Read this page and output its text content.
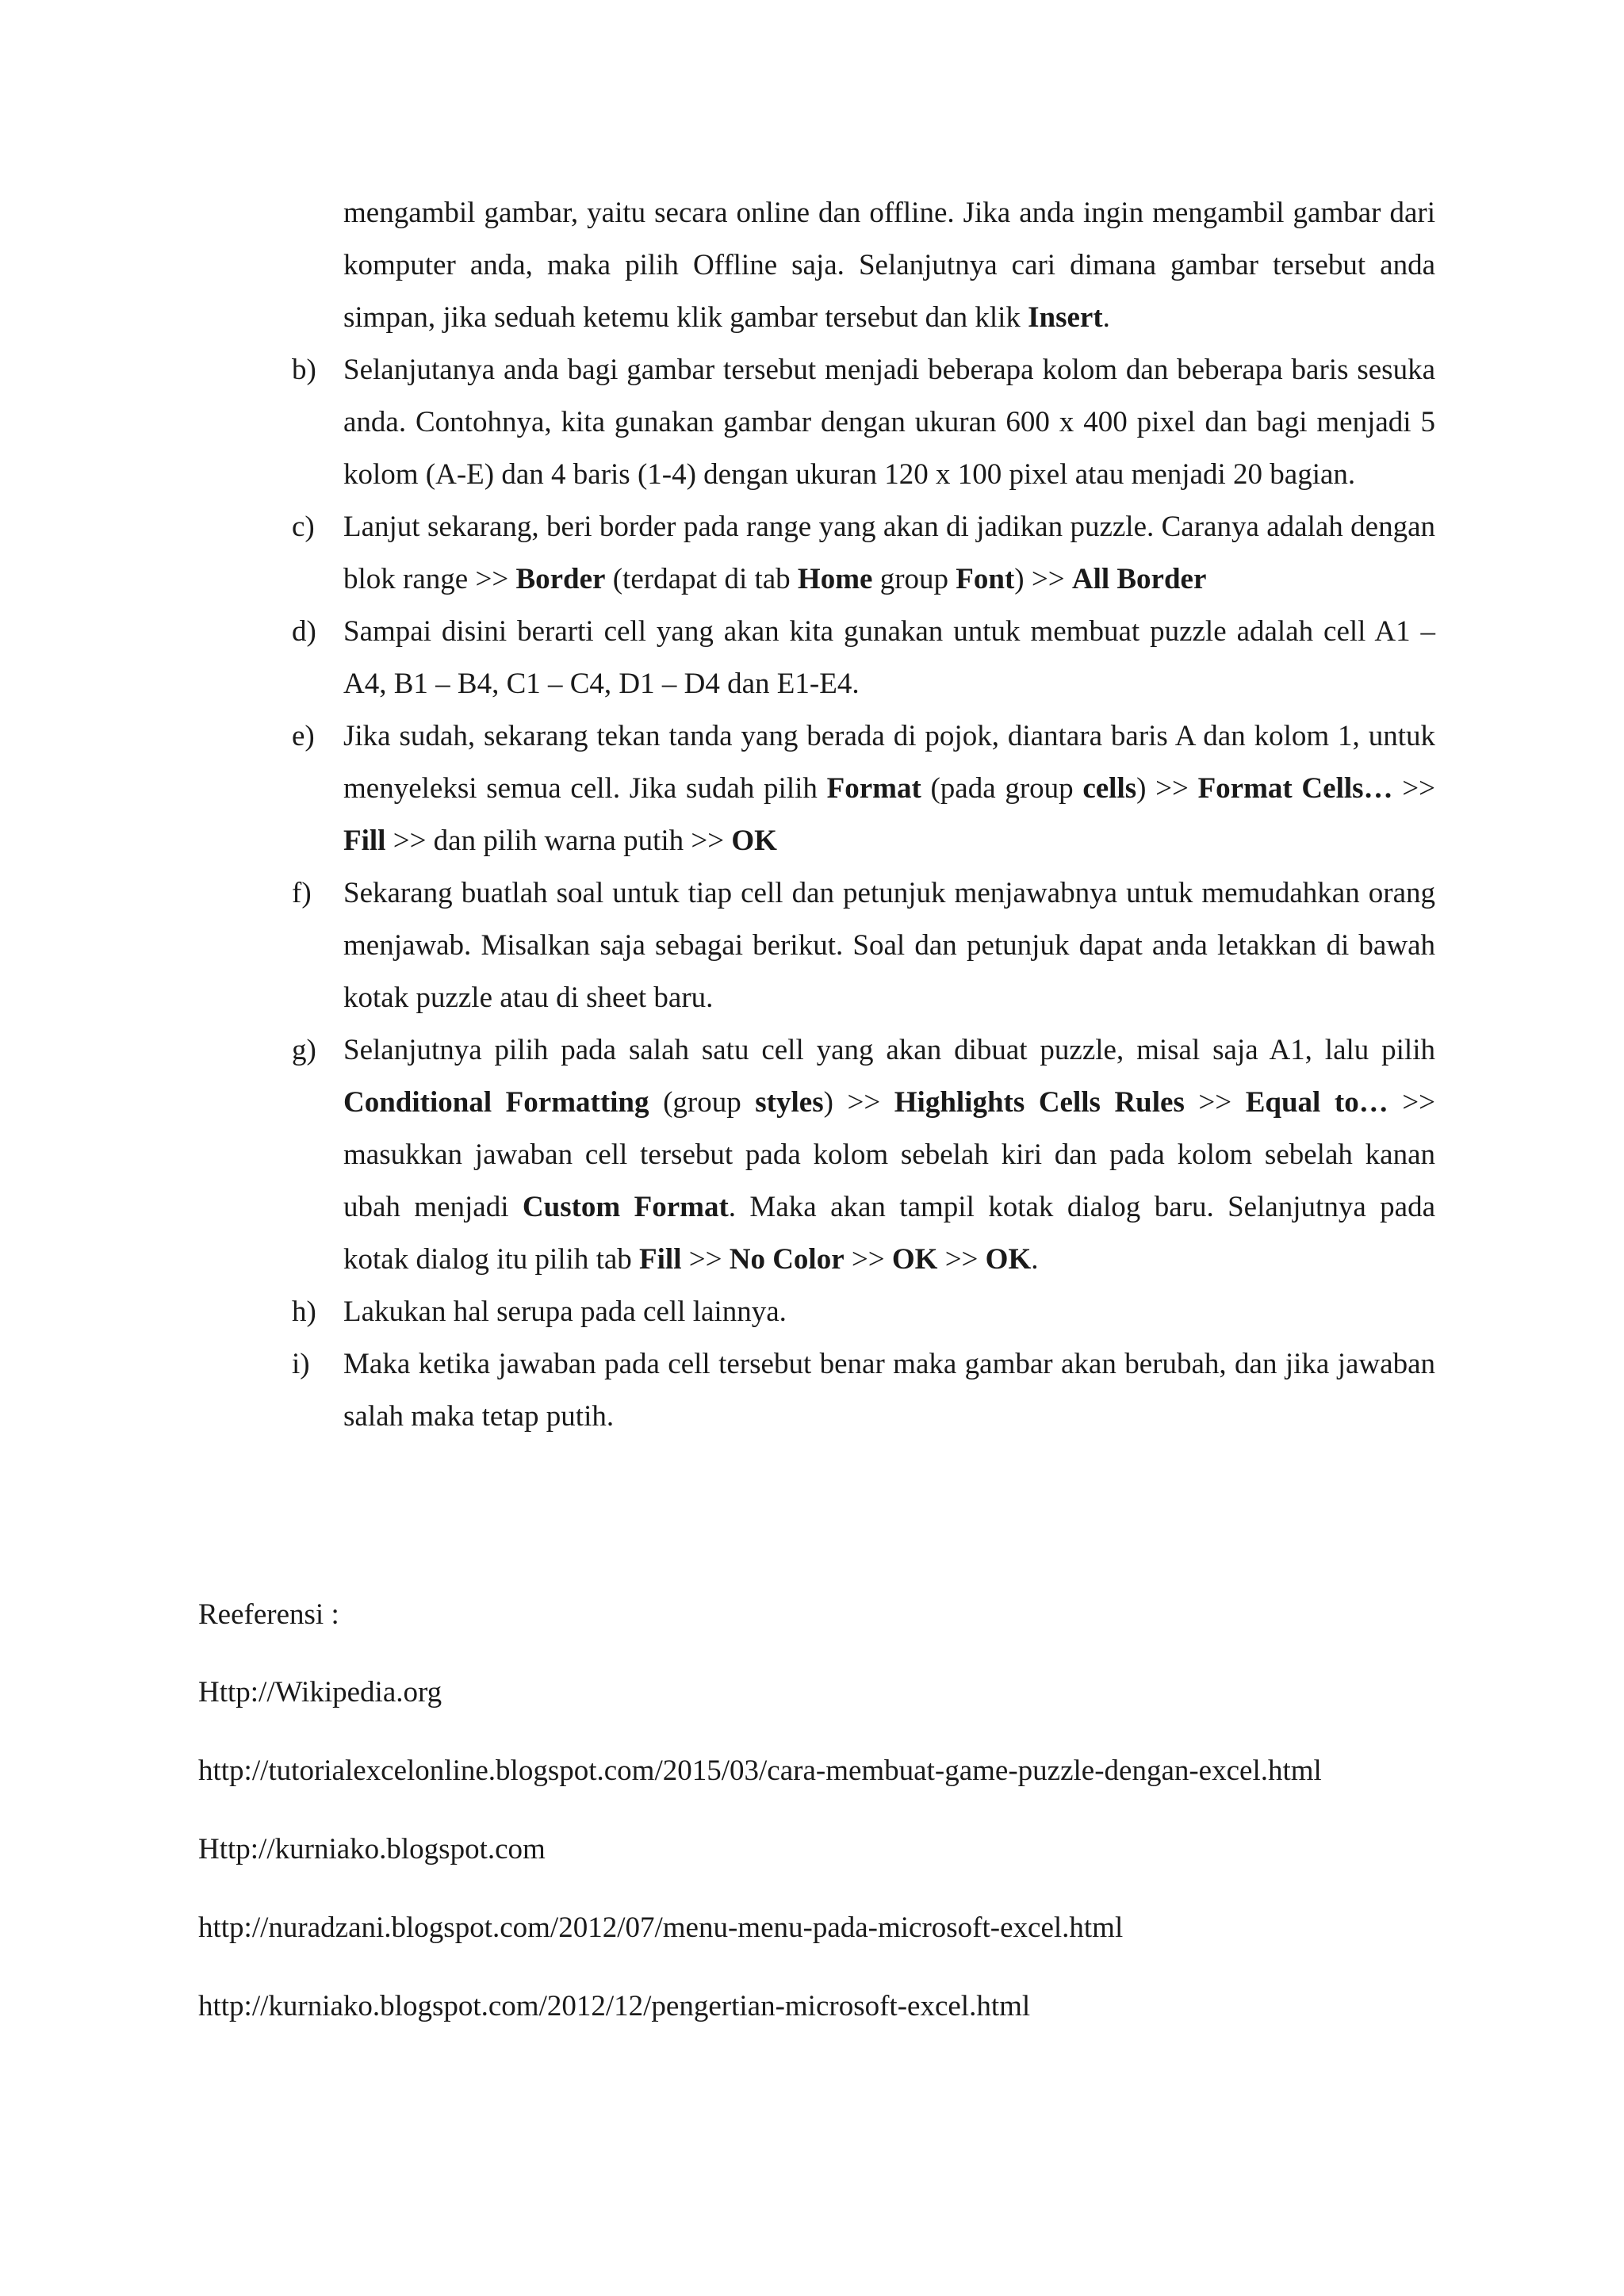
mengambil gambar, yaitu secara online dan offline. Jika anda ingin mengambil gambar dari komputer anda, maka pilih Offline saja. Selanjutnya cari dimana gambar tersebut anda simpan, jika seduah ketemu klik gambar tersebut dan klik Insert.

b) Selanjutanya anda bagi gambar tersebut menjadi beberapa kolom dan beberapa baris sesuka anda. Contohnya, kita gunakan gambar dengan ukuran 600 x 400 pixel dan bagi menjadi 5 kolom (A-E) dan 4 baris (1-4) dengan ukuran 120 x 100 pixel atau menjadi 20 bagian.
c) Lanjut sekarang, beri border pada range yang akan di jadikan puzzle. Caranya adalah dengan blok range >> Border (terdapat di tab Home group Font) >> All Border
d) Sampai disini berarti cell yang akan kita gunakan untuk membuat puzzle adalah cell A1 – A4, B1 – B4, C1 – C4, D1 – D4 dan E1-E4.
e) Jika sudah, sekarang tekan tanda yang berada di pojok, diantara baris A dan kolom 1, untuk menyeleksi semua cell. Jika sudah pilih Format (pada group cells) >> Format Cells… >> Fill >> dan pilih warna putih >> OK
f)	Sekarang buatlah soal untuk tiap cell dan petunjuk menjawabnya untuk memudahkan orang menjawab. Misalkan saja sebagai berikut. Soal dan petunjuk dapat anda letakkan di bawah kotak puzzle atau di sheet baru.
g) Selanjutnya pilih pada salah satu cell yang akan dibuat puzzle, misal saja A1, lalu pilih Conditional Formatting (group styles) >> Highlights Cells Rules >> Equal to… >> masukkan jawaban cell tersebut pada kolom sebelah kiri dan pada kolom sebelah kanan ubah menjadi Custom Format. Maka akan tampil kotak dialog baru. Selanjutnya pada kotak dialog itu pilih tab Fill >> No Color >> OK >> OK.
h) Lakukan hal serupa pada cell lainnya.
i)	Maka ketika jawaban pada cell tersebut benar maka gambar akan berubah, dan jika jawaban salah maka tetap putih.

Reeferensi :

Http://Wikipedia.org

http://tutorialexcelonline.blogspot.com/2015/03/cara-membuat-game-puzzle-dengan-excel.html

Http://kurniako.blogspot.com

http://nuradzani.blogspot.com/2012/07/menu-menu-pada-microsoft-excel.html

http://kurniako.blogspot.com/2012/12/pengertian-microsoft-excel.html
